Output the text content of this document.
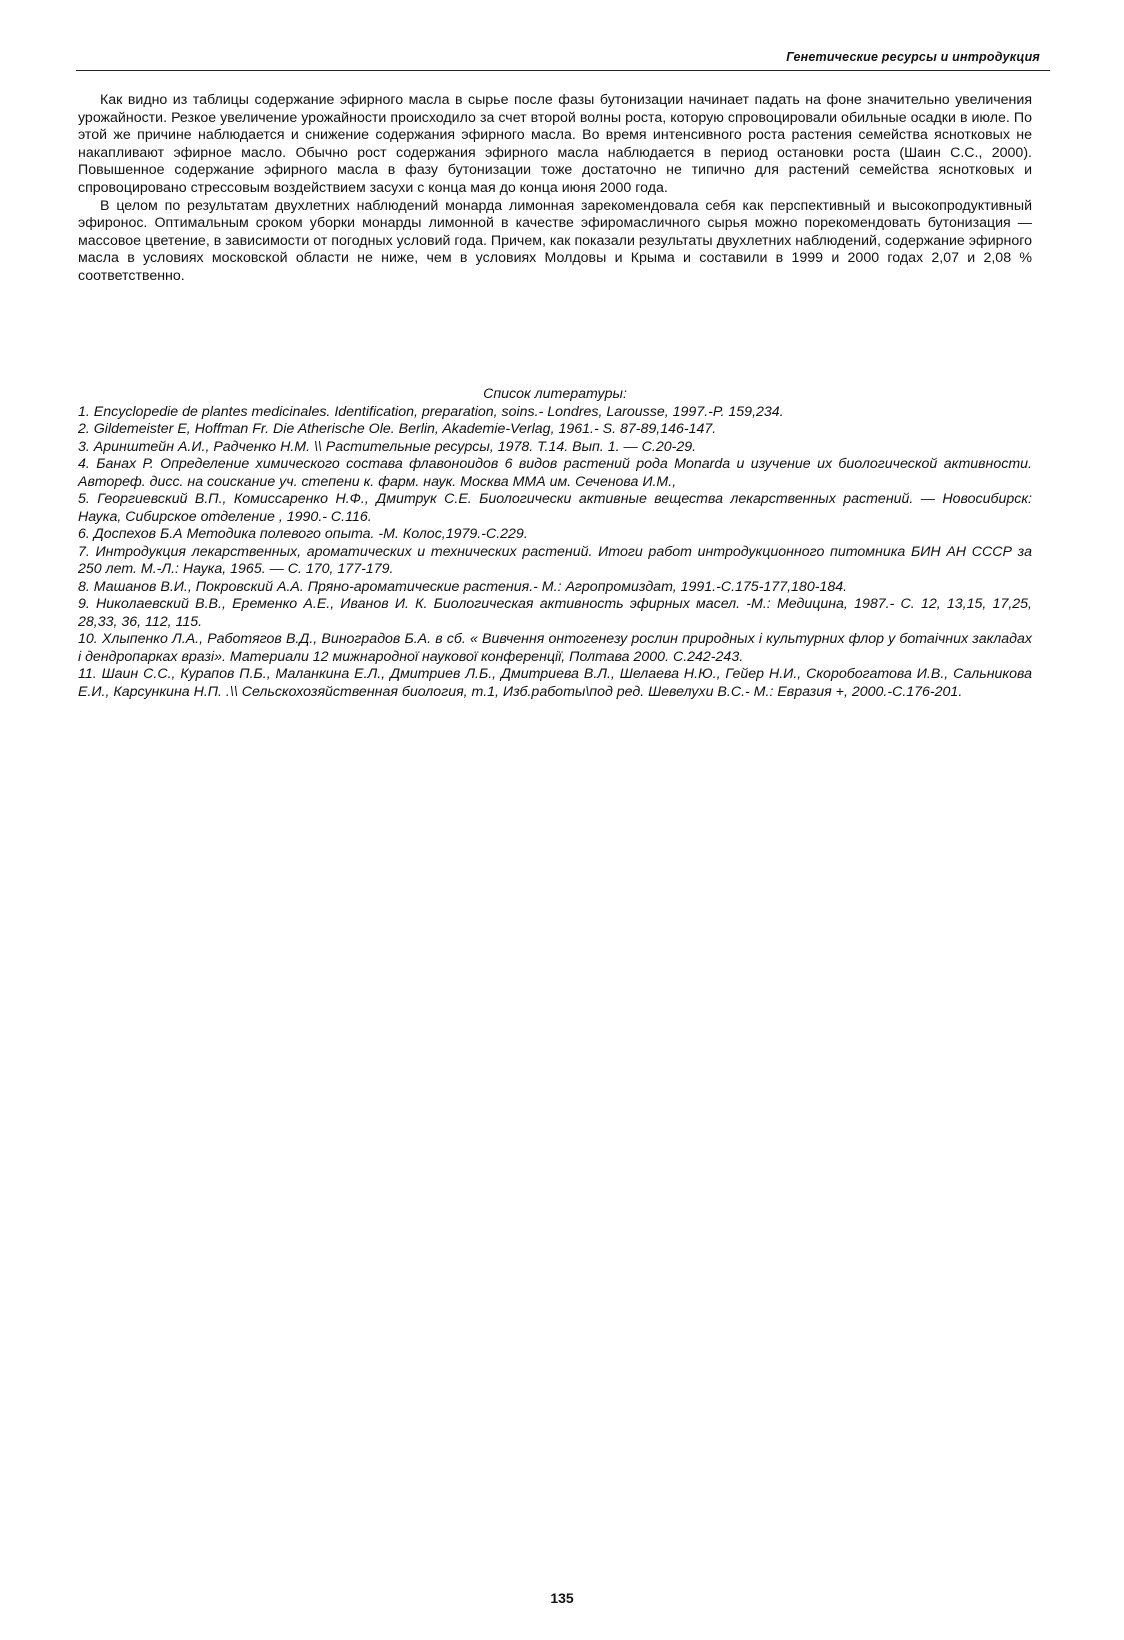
Генетические ресурсы и интродукция

Как видно из таблицы содержание эфирного масла в сырье после фазы бутонизации начинает падать на фоне значительно увеличения урожайности. Резкое увеличение урожайности происходило за счет второй волны роста, которую спровоцировали обильные осадки в июле. По этой же причине наблюдается и снижение содержания эфирного масла. Во время интенсивного роста растения семейства яснотковых не накапливают эфирное масло. Обычно рост содержания эфирного масла наблюдается в период остановки роста (Шаин С.С., 2000). Повышенное содержание эфирного масла в фазу бутонизации тоже достаточно не типично для растений семейства яснотковых и спровоцировано стрессовым воздействием засухи с конца мая до конца июня 2000 года.

В целом по результатам двухлетних наблюдений монарда лимонная зарекомендовала себя как перспективный и высокопродуктивный эфиронос. Оптимальным сроком уборки монарды лимонной в качестве эфиромасличного сырья можно порекомендовать бутонизация — массовое цветение, в зависимости от погодных условий года. Причем, как показали результаты двухлетних наблюдений, содержание эфирного масла в условиях московской области не ниже, чем в условиях Молдовы и Крыма и составили в 1999 и 2000 годах 2,07 и 2,08 % соответственно.

Список литературы:

1. Encyclopedie de plantes medicinales. Identification, preparation, soins.- Londres, Larousse, 1997.-P. 159,234.
2. Gildemeister E, Hoffman Fr. Die Atherische Ole. Berlin, Akademie-Verlag, 1961.- S. 87-89,146-147.
3. Аринштейн А.И., Радченко Н.М. \\ Растительные ресурсы, 1978. Т.14. Вып. 1. — С.20-29.
4. Банах Р. Определение химического состава флавоноидов 6 видов растений рода Monarda и изучение их биологической активности. Автореф. дисс. на соискание уч. степени к. фарм. наук. Москва ММА им. Сеченова И.М.,
5. Георгиевский В.П., Комиссаренко Н.Ф., Дмитрук С.Е. Биологически активные вещества лекарственных растений. — Новосибирск: Наука, Сибирское отделение , 1990.- С.116.
6. Доспехов Б.А Методика полевого опыта. -М. Колос,1979.-С.229.
7. Интродукция лекарственных, ароматических и технических растений. Итоги работ интродукционного питомника БИН АН СССР за 250 лет. М.-Л.: Наука, 1965. — С. 170, 177-179.
8. Машанов В.И., Покровский А.А. Пряно-ароматические растения.- М.: Агропромиздат, 1991.-С.175-177,180-184.
9. Николаевский В.В., Еременко А.Е., Иванов И. К. Биологическая активность эфирных масел. -М.: Медицина, 1987.- С. 12, 13,15, 17,25, 28,33, 36, 112, 115.
10. Хлыпенко Л.А., Работягов В.Д., Виноградов Б.А. в сб. « Вивчення онтогенезу рослин природных і культурних флор у ботаічних закладах і дендропарках вразі». Материали 12 мижнародної наукової конференції, Полтава 2000. С.242-243.
11. Шаин С.С., Курапов П.Б., Маланкина Е.Л., Дмитриев Л.Б., Дмитриева В.Л., Шелаева Н.Ю., Гейер Н.И., Скоробогатова И.В., Сальникова Е.И., Карсункина Н.П. .\\ Сельскохозяйственная биология, т.1, Изб.работы\под ред. Шевелухи В.С.- М.: Евразия +, 2000.-С.176-201.
135
